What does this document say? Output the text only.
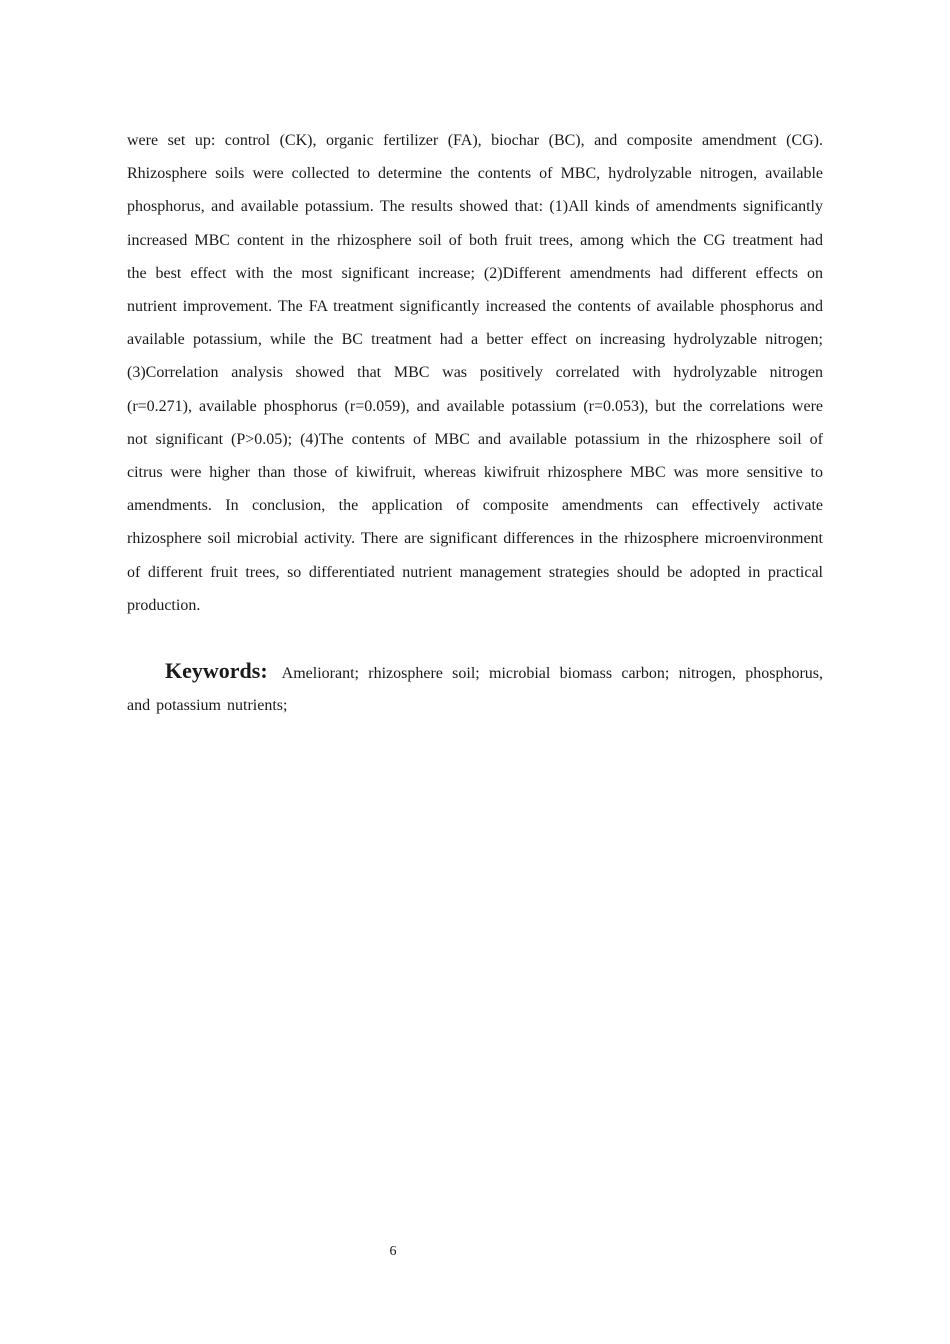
were set up: control (CK), organic fertilizer (FA), biochar (BC), and composite amendment (CG). Rhizosphere soils were collected to determine the contents of MBC, hydrolyzable nitrogen, available phosphorus, and available potassium. The results showed that: (1)All kinds of amendments significantly increased MBC content in the rhizosphere soil of both fruit trees, among which the CG treatment had the best effect with the most significant increase; (2)Different amendments had different effects on nutrient improvement. The FA treatment significantly increased the contents of available phosphorus and available potassium, while the BC treatment had a better effect on increasing hydrolyzable nitrogen; (3)Correlation analysis showed that MBC was positively correlated with hydrolyzable nitrogen (r=0.271), available phosphorus (r=0.059), and available potassium (r=0.053), but the correlations were not significant (P>0.05); (4)The contents of MBC and available potassium in the rhizosphere soil of citrus were higher than those of kiwifruit, whereas kiwifruit rhizosphere MBC was more sensitive to amendments. In conclusion, the application of composite amendments can effectively activate rhizosphere soil microbial activity. There are significant differences in the rhizosphere microenvironment of different fruit trees, so differentiated nutrient management strategies should be adopted in practical production.

Keywords: Ameliorant; rhizosphere soil; microbial biomass carbon; nitrogen, phosphorus, and potassium nutrients;

6
